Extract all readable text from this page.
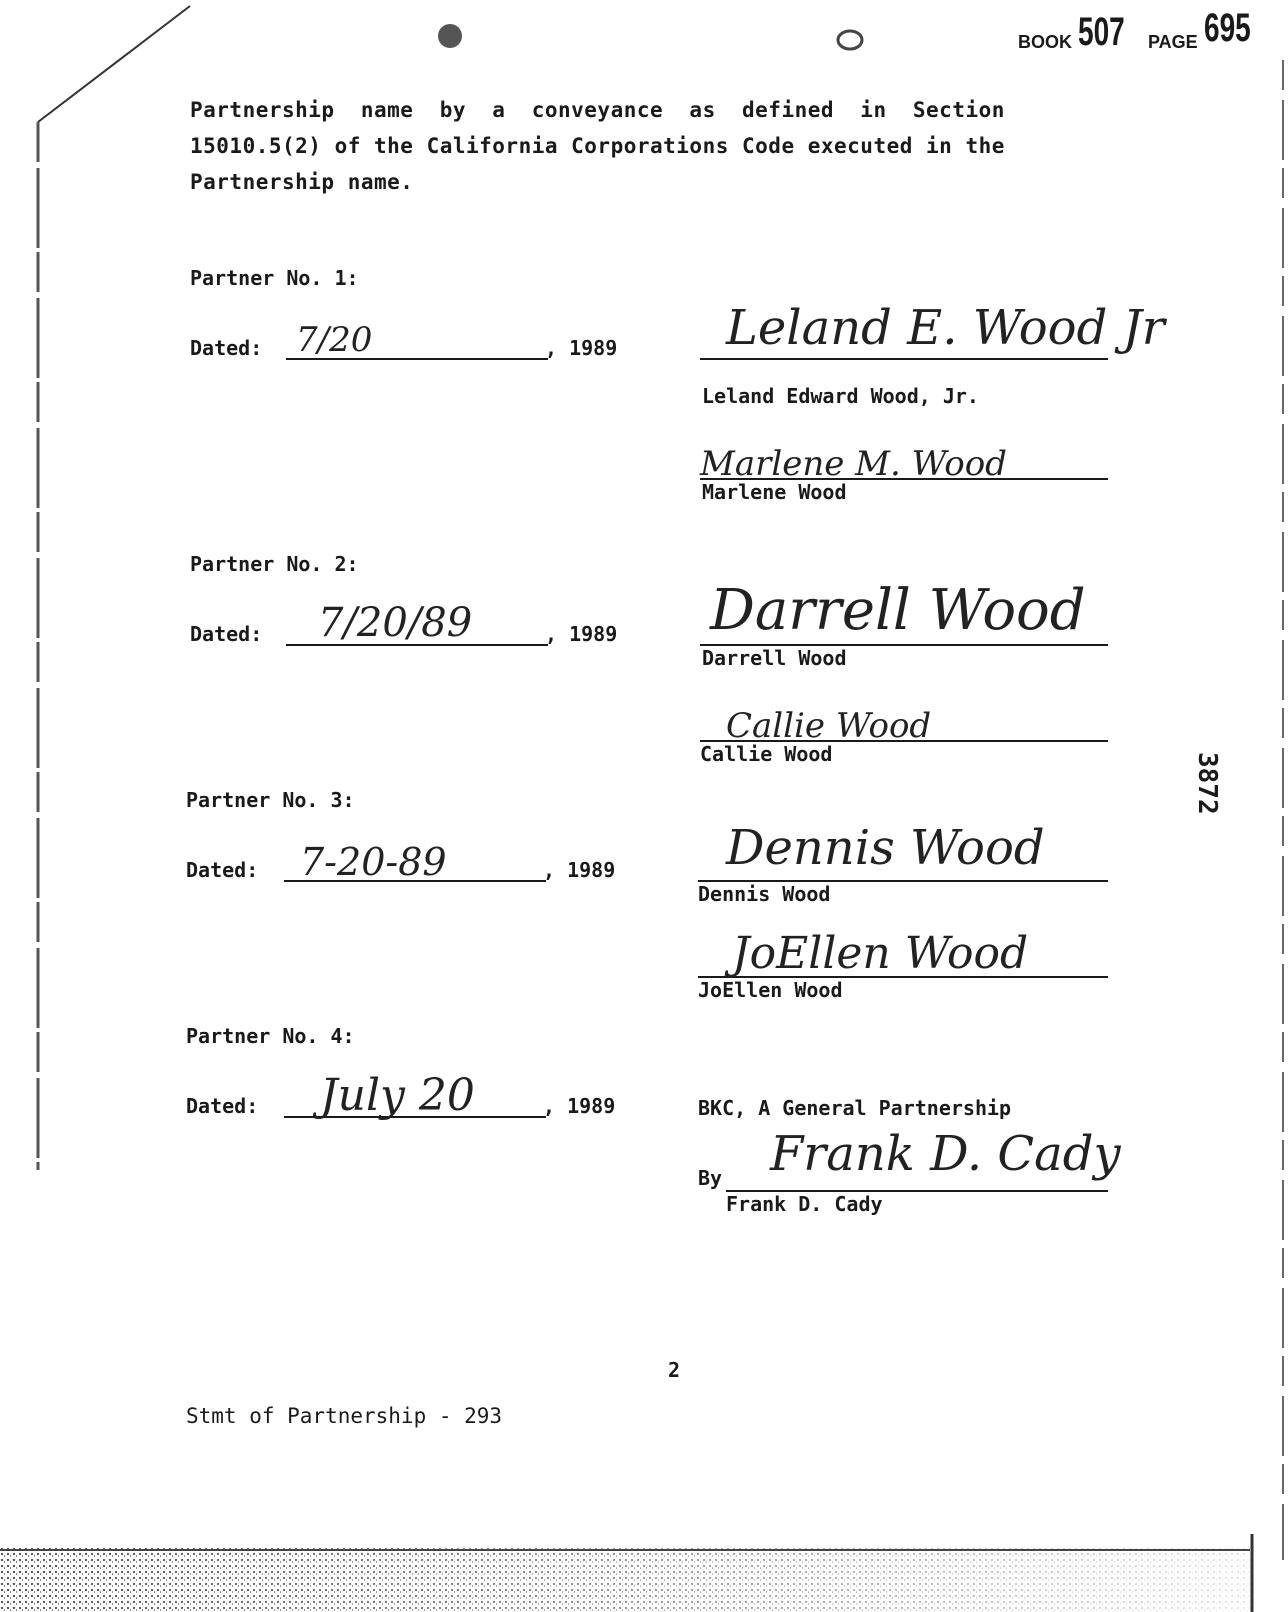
BOOK 507 PAGE 695
Partnership  name  by  a  conveyance  as  defined  in  Section
15010.5(2) of the California Corporations Code executed in the
Partnership name.
Partner No. 1:
Dated: 7/20	, 1989 Leland E. Wood Jr
Leland Edward Wood, Jr.
Marlene M. Wood
Marlene Wood
Partner No. 2:
Dated: 7/20/89	, 1989 Darrell Wood
Darrell Wood
Callie Wood
Callie Wood
Partner No. 3:
Dated: 7-20-89	, 1989 Dennis Wood
Dennis Wood
JoEllen Wood
JoEllen Wood
Partner No. 4:
Dated: July 20	, 1989	BKC, A General Partnership
By Frank D. Cady
Frank D. Cady
3872
2
Stmt of Partnership - 293
